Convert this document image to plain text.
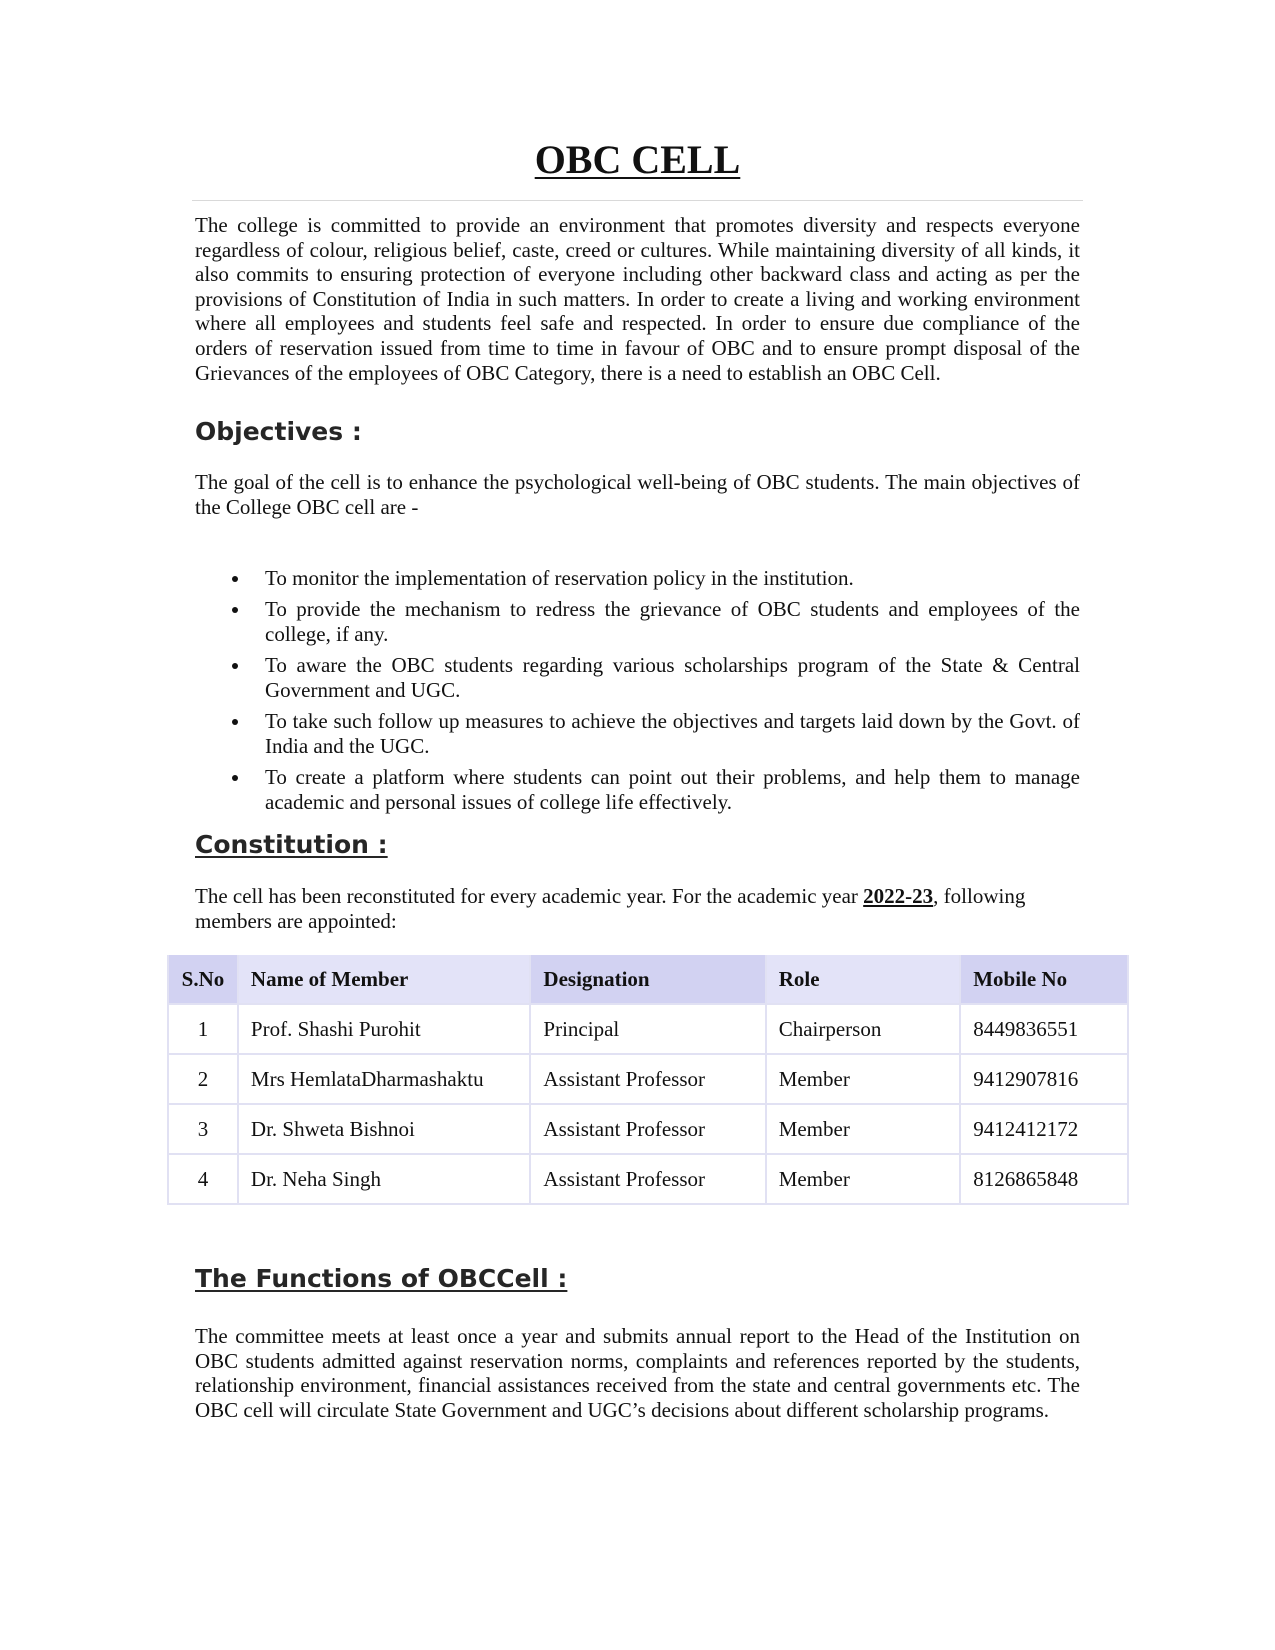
OBC CELL

The college is committed to provide an environment that promotes diversity and respects everyone regardless of colour, religious belief, caste, creed or cultures. While maintaining diversity of all kinds, it also commits to ensuring protection of everyone including other backward class and acting as per the provisions of Constitution of India in such matters. In order to create a living and working environment where all employees and students feel safe and respected. In order to ensure due compliance of the orders of reservation issued from time to time in favour of OBC and to ensure prompt disposal of the Grievances of the employees of OBC Category, there is a need to establish an OBC Cell.

Objectives :

The goal of the cell is to enhance the psychological well-being of OBC students. The main objectives of the College OBC cell are -

To monitor the implementation of reservation policy in the institution.
To provide the mechanism to redress the grievance of OBC students and employees of the college, if any.
To aware the OBC students regarding various scholarships program of the State & Central Government and UGC.
To take such follow up measures to achieve the objectives and targets laid down by the Govt. of India and the UGC.
To create a platform where students can point out their problems, and help them to manage academic and personal issues of college life effectively.
Constitution :

The cell has been reconstituted for every academic year. For the academic year 2022-23, following members are appointed:

S.No	Name of Member	Designation	Role	Mobile No
1	Prof. Shashi Purohit	Principal	Chairperson	8449836551
2	Mrs HemlataDharmashaktu	Assistant Professor	Member	9412907816
3	Dr. Shweta Bishnoi	Assistant Professor	Member	9412412172
4	Dr. Neha Singh	Assistant Professor	Member	8126865848
The Functions of OBCCell :

The committee meets at least once a year and submits annual report to the Head of the Institution on OBC students admitted against reservation norms, complaints and references reported by the students, relationship environment, financial assistances received from the state and central governments etc. The OBC cell will circulate State Government and UGC’s decisions about different scholarship programs.
